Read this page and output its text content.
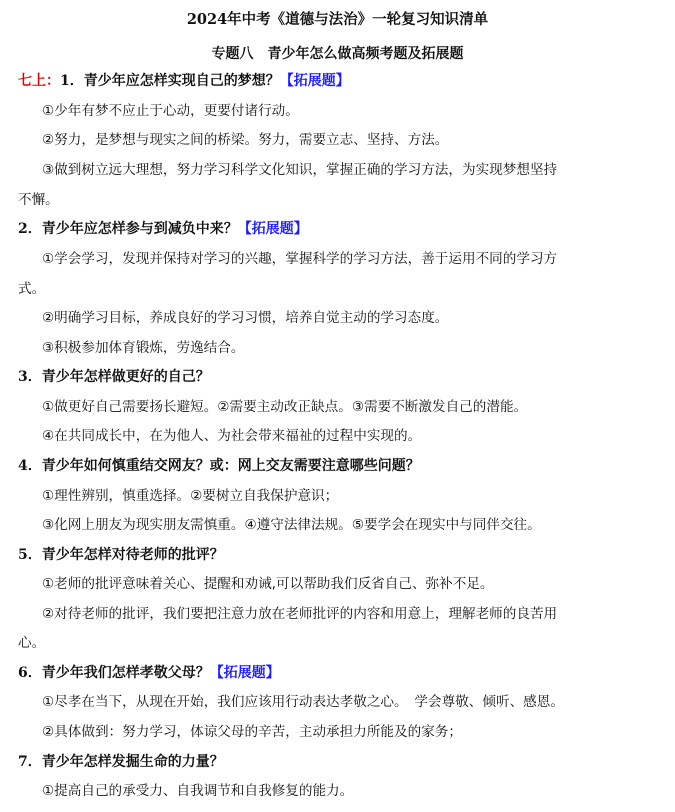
2024年中考《道德与法治》一轮复习知识清单
专题八　青少年怎么做高频考题及拓展题
七上：1．青少年应怎样实现自己的梦想？【拓展题】
①少年有梦不应止于心动，更要付诸行动。
②努力，是梦想与现实之间的桥梁。努力，需要立志、坚持、方法。
③做到树立远大理想，努力学习科学文化知识，掌握正确的学习方法，为实现梦想坚持
不懈。
2．青少年应怎样参与到减负中来？【拓展题】
①学会学习，发现并保持对学习的兴趣，掌握科学的学习方法，善于运用不同的学习方
式。
②明确学习目标，养成良好的学习习惯，培养自觉主动的学习态度。
③积极参加体育锻炼，劳逸结合。
3．青少年怎样做更好的自己？
①做更好自己需要扬长避短。②需要主动改正缺点。③需要不断激发自己的潜能。
④在共同成长中，在为他人、为社会带来福祉的过程中实现的。
4．青少年如何慎重结交网友？或：网上交友需要注意哪些问题？
①理性辨别，慎重选择。②要树立自我保护意识；
③化网上朋友为现实朋友需慎重。④遵守法律法规。⑤要学会在现实中与同伴交往。
5．青少年怎样对待老师的批评？
①老师的批评意味着关心、提醒和劝诫,可以帮助我们反省自己、弥补不足。
②对待老师的批评，我们要把注意力放在老师批评的内容和用意上，理解老师的良苦用
心。
6．青少年我们怎样孝敬父母？【拓展题】
①尽孝在当下，从现在开始，我们应该用行动表达孝敬之心。　学会尊敬、倾听、感恩。
②具体做到：努力学习，体谅父母的辛苦，主动承担力所能及的家务；
7．青少年怎样发掘生命的力量？
①提高自己的承受力、自我调节和自我修复的能力。
